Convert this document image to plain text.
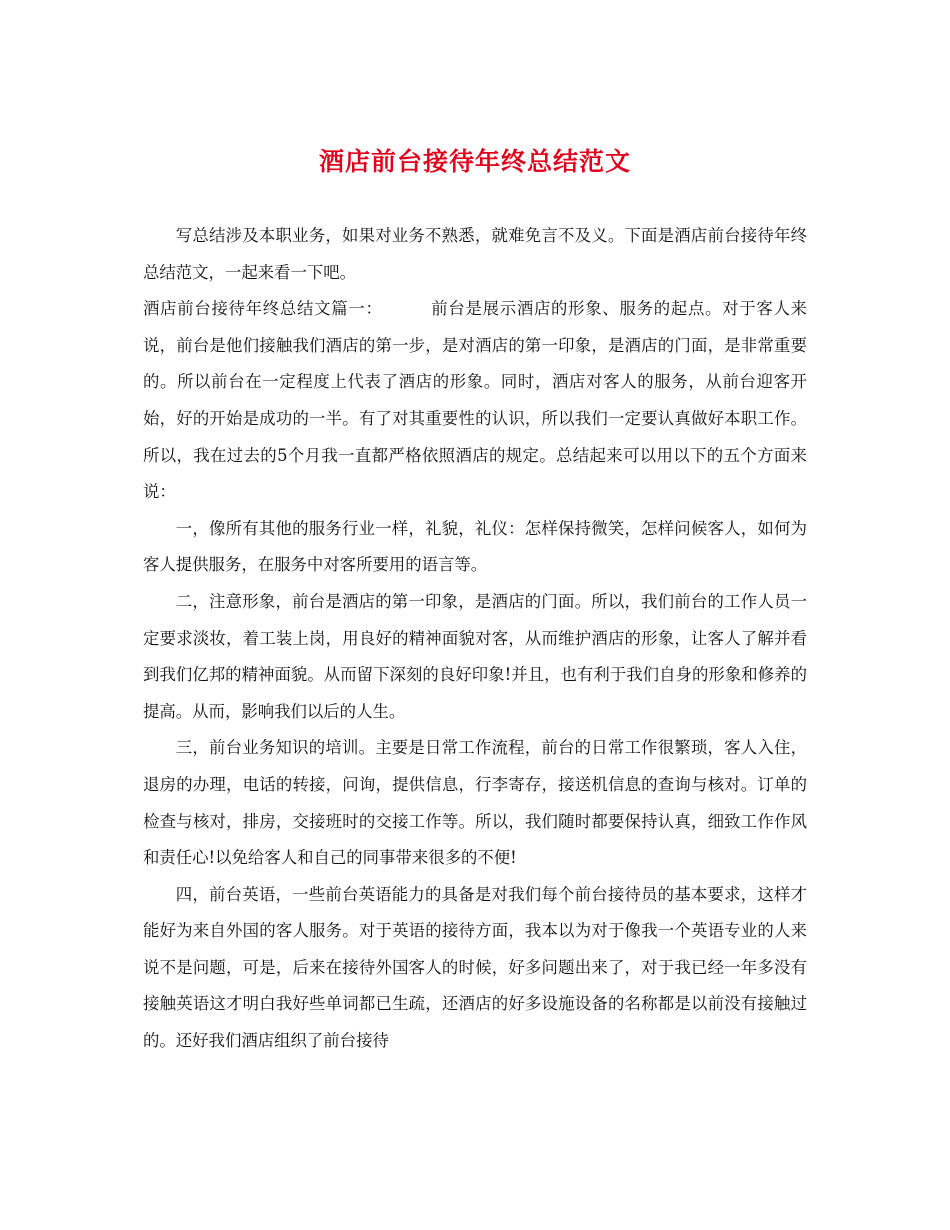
酒店前台接待年终总结范文

写总结涉及本职业务，如果对业务不熟悉，就难免言不及义。下面是酒店前台接待年终总结范文，一起来看一下吧。

酒店前台接待年终总结文篇一：	前台是展示酒店的形象、服务的起点。对于客人来说，前台是他们接触我们酒店的第一步，是对酒店的第一印象，是酒店的门面，是非常重要的。所以前台在一定程度上代表了酒店的形象。同时，酒店对客人的服务，从前台迎客开始，好的开始是成功的一半。有了对其重要性的认识，所以我们一定要认真做好本职工作。 所以，我在过去的5个月我一直都严格依照酒店的规定。总结起来可以用以下的五个方面来说：

一，像所有其他的服务行业一样，礼貌，礼仪：怎样保持微笑，怎样问候客人，如何为客人提供服务，在服务中对客所要用的语言等。

二，注意形象，前台是酒店的第一印象，是酒店的门面。所以，我们前台的工作人员一定要求淡妆，着工装上岗，用良好的精神面貌对客，从而维护酒店的形象，让客人了解并看到我们亿邦的精神面貌。从而留下深刻的良好印象!并且，也有利于我们自身的形象和修养的提高。从而，影响我们以后的人生。

三，前台业务知识的培训。主要是日常工作流程，前台的日常工作很繁琐，客人入住，退房的办理，电话的转接，问询，提供信息，行李寄存，接送机信息的查询与核对。订单的检查与核对，排房，交接班时的交接工作等。所以，我们随时都要保持认真，细致工作作风和责任心!以免给客人和自己的同事带来很多的不便!

四，前台英语，一些前台英语能力的具备是对我们每个前台接待员的基本要求，这样才能好为来自外国的客人服务。对于英语的接待方面，我本以为对于像我一个英语专业的人来说不是问题，可是，后来在接待外国客人的时候，好多问题出来了，对于我已经一年多没有接触英语这才明白我好些单词都已生疏，还酒店的好多设施设备的名称都是以前没有接触过的。还好我们酒店组织了前台接待
